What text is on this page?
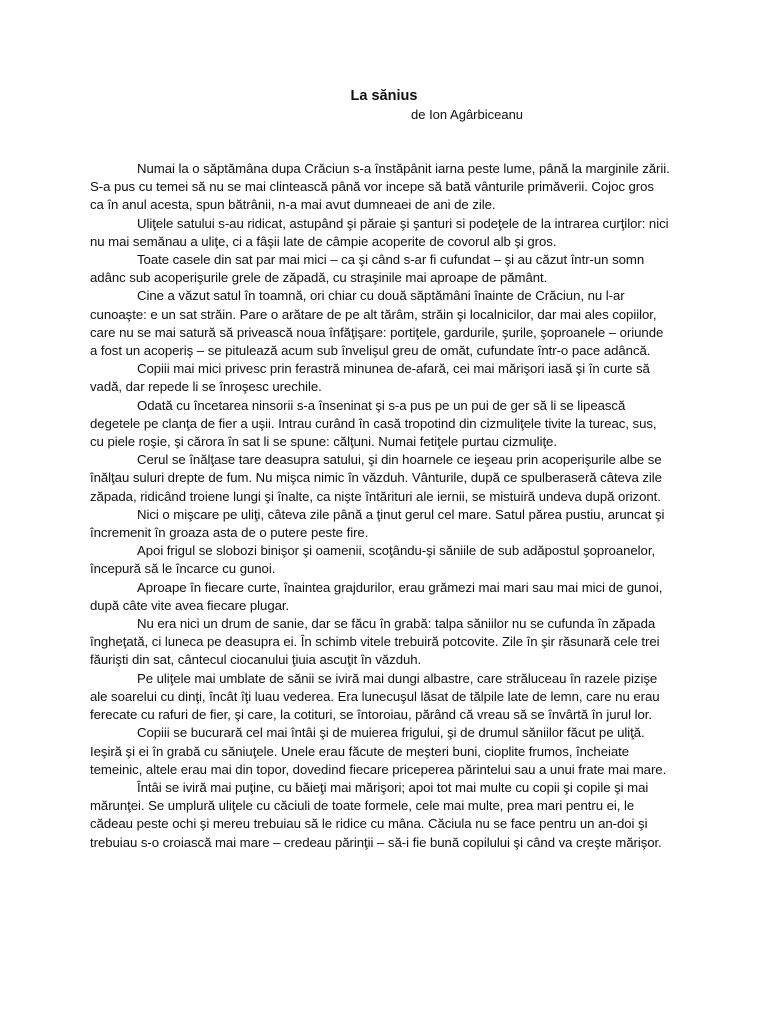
La sănius
de Ion Agârbiceanu

Numai la o săptămâna dupa Crăciun s-a înstăpânit iarna peste lume, până la marginile zării. S-a pus cu temei să nu se mai clintească până vor incepe să bată vânturile primăverii. Cojoc gros ca în anul acesta, spun bătrânii, n-a mai avut dumneaei de ani de zile.

Uliţele satului s-au ridicat, astupând şi păraie şi şanturi si podeţele de la intrarea curţilor: nici nu mai semănau a uliţe, ci a fâşii late de câmpie acoperite de covorul alb şi gros.

Toate casele din sat par mai mici – ca şi când s-ar fi cufundat – şi au căzut într-un somn adânc sub acoperişurile grele de zăpadă, cu straşinile mai aproape de pământ.

Cine a văzut satul în toamnă, ori chiar cu două săptămâni înainte de Crăciun, nu l-ar cunoaşte: e un sat străin. Pare o arătare de pe alt tărâm, străin şi localnicilor, dar mai ales copiilor, care nu se mai satură să privească noua înfăţişare: portiţele, gardurile, şurile, şoproanele – oriunde a fost un acoperiş – se pitulează acum sub învelişul greu de omăt, cufundate într-o pace adâncă.

Copiii mai mici privesc prin ferastră minunea de-afară, cei mai mărişori iasă şi în curte să vadă, dar repede li se înroşesc urechile.

Odată cu încetarea ninsorii s-a înseninat şi s-a pus pe un pui de ger să li se lipească degetele pe clanţa de fier a uşii. Intrau curând în casă tropotind din cizmuliţele tivite la tureac, sus, cu piele roşie, şi cărora în sat li se spune: călţuni. Numai fetiţele purtau cizmuliţe.

Cerul se înălţase tare deasupra satului, şi din hoarnele ce ieşeau prin acoperişurile albe se înălţau suluri drepte de fum. Nu mişca nimic în văzduh. Vânturile, după ce spulberaseră câteva zile zăpada, ridicând troiene lungi şi înalte, ca nişte întărituri ale iernii, se mistuiră undeva după orizont.

Nici o mişcare pe uliţi, câteva zile până a ţinut gerul cel mare. Satul părea pustiu, aruncat şi încremenit în groaza asta de o putere peste fire.

Apoi frigul se slobozi binişor şi oamenii, scoţându-şi săniile de sub adăpostul şoproanelor, începură să le încarce cu gunoi.

Aproape în fiecare curte, înaintea grajdurilor, erau grămezi mai mari sau mai mici de gunoi, după câte vite avea fiecare plugar.

Nu era nici un drum de sanie, dar se făcu în grabă: talpa săniilor nu se cufunda în zăpada îngheţată, ci luneca pe deasupra ei. În schimb vitele trebuiră potcovite. Zile în şir răsunară cele trei făurişti din sat, cântecul ciocanului ţiuia ascuţit în văzduh.

Pe uliţele mai umblate de sănii se iviră mai dungi albastre, care străluceau în razele pizişe ale soarelui cu dinţi, încât îţi luau vederea. Era lunecuşul lăsat de tălpile late de lemn, care nu erau ferecate cu rafuri de fier, şi care, la cotituri, se întoroiau, părând că vreau să se învârtă în jurul lor.

Copiii se bucurară cel mai întâi şi de muierea frigului, şi de drumul săniilor făcut pe uliţă. Ieşiră şi ei în grabă cu săniuţele. Unele erau făcute de meşteri buni, cioplite frumos, încheiate temeinic, altele erau mai din topor, dovedind fiecare priceperea părintelui sau a unui frate mai mare.

Întâi se iviră mai puţine, cu băieţi mai mărişori; apoi tot mai multe cu copii şi copile şi mai mărunţei. Se umplură uliţele cu căciuli de toate formele, cele mai multe, prea mari pentru ei, le cădeau peste ochi şi mereu trebuiau să le ridice cu mâna. Căciula nu se face pentru un an-doi şi trebuiau s-o croiască mai mare – credeau părinţii – să-i fie bună copilului şi când va creşte mărişor.
